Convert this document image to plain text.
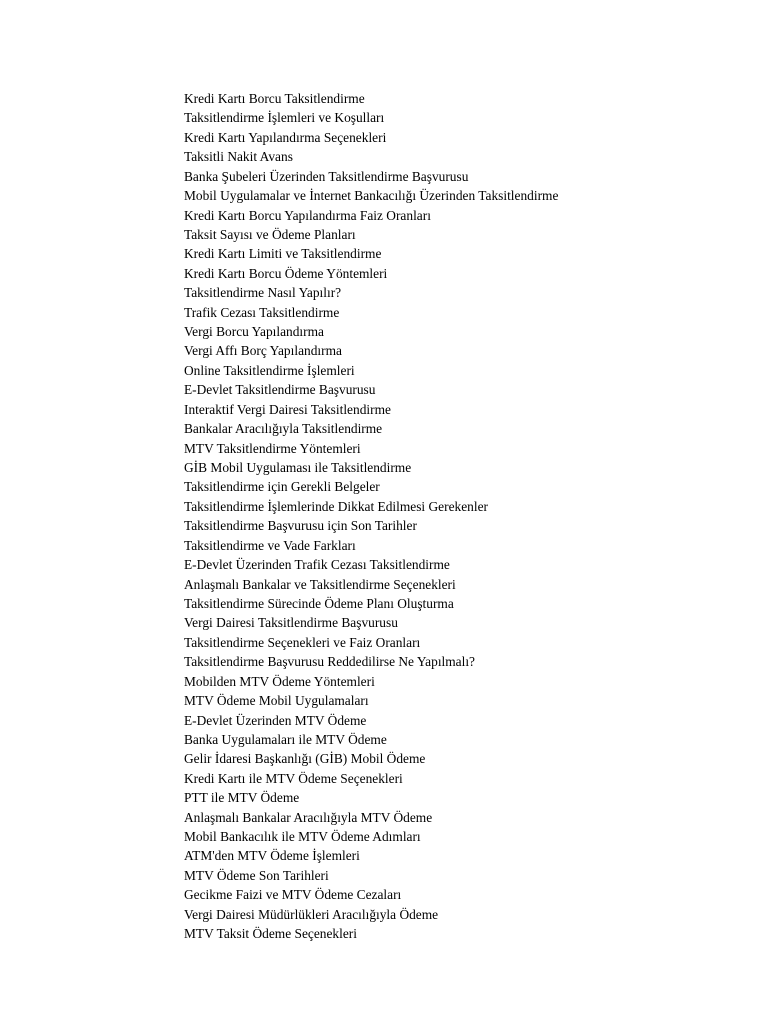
Kredi Kartı Borcu Taksitlendirme
Taksitlendirme İşlemleri ve Koşulları
Kredi Kartı Yapılandırma Seçenekleri
Taksitli Nakit Avans
Banka Şubeleri Üzerinden Taksitlendirme Başvurusu
Mobil Uygulamalar ve İnternet Bankacılığı Üzerinden Taksitlendirme
Kredi Kartı Borcu Yapılandırma Faiz Oranları
Taksit Sayısı ve Ödeme Planları
Kredi Kartı Limiti ve Taksitlendirme
Kredi Kartı Borcu Ödeme Yöntemleri
Taksitlendirme Nasıl Yapılır?
Trafik Cezası Taksitlendirme
Vergi Borcu Yapılandırma
Vergi Affı Borç Yapılandırma
Online Taksitlendirme İşlemleri
E-Devlet Taksitlendirme Başvurusu
Interaktif Vergi Dairesi Taksitlendirme
Bankalar Aracılığıyla Taksitlendirme
MTV Taksitlendirme Yöntemleri
GİB Mobil Uygulaması ile Taksitlendirme
Taksitlendirme için Gerekli Belgeler
Taksitlendirme İşlemlerinde Dikkat Edilmesi Gerekenler
Taksitlendirme Başvurusu için Son Tarihler
Taksitlendirme ve Vade Farkları
E-Devlet Üzerinden Trafik Cezası Taksitlendirme
Anlaşmalı Bankalar ve Taksitlendirme Seçenekleri
Taksitlendirme Sürecinde Ödeme Planı Oluşturma
Vergi Dairesi Taksitlendirme Başvurusu
Taksitlendirme Seçenekleri ve Faiz Oranları
Taksitlendirme Başvurusu Reddedilirse Ne Yapılmalı?
Mobilden MTV Ödeme Yöntemleri
MTV Ödeme Mobil Uygulamaları
E-Devlet Üzerinden MTV Ödeme
Banka Uygulamaları ile MTV Ödeme
Gelir İdaresi Başkanlığı (GİB) Mobil Ödeme
Kredi Kartı ile MTV Ödeme Seçenekleri
PTT ile MTV Ödeme
Anlaşmalı Bankalar Aracılığıyla MTV Ödeme
Mobil Bankacılık ile MTV Ödeme Adımları
ATM'den MTV Ödeme İşlemleri
MTV Ödeme Son Tarihleri
Gecikme Faizi ve MTV Ödeme Cezaları
Vergi Dairesi Müdürlükleri Aracılığıyla Ödeme
MTV Taksit Ödeme Seçenekleri
